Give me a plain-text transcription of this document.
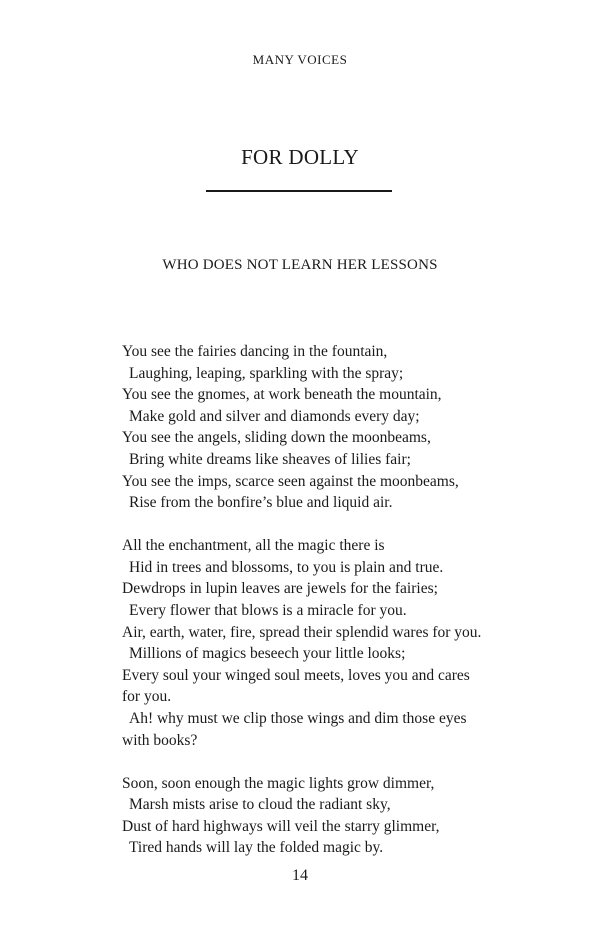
MANY VOICES
FOR DOLLY
WHO DOES NOT LEARN HER LESSONS
You see the fairies dancing in the fountain,
Laughing, leaping, sparkling with the spray;
You see the gnomes, at work beneath the mountain,
Make gold and silver and diamonds every day;
You see the angels, sliding down the moonbeams,
Bring white dreams like sheaves of lilies fair;
You see the imps, scarce seen against the moonbeams,
Rise from the bonfire’s blue and liquid air.
All the enchantment, all the magic there is
Hid in trees and blossoms, to you is plain and true.
Dewdrops in lupin leaves are jewels for the fairies;
Every flower that blows is a miracle for you.
Air, earth, water, fire, spread their splendid wares for you.
Millions of magics beseech your little looks;
Every soul your winged soul meets, loves you and cares
for you.
Ah! why must we clip those wings and dim those eyes
with books?
Soon, soon enough the magic lights grow dimmer,
Marsh mists arise to cloud the radiant sky,
Dust of hard highways will veil the starry glimmer,
Tired hands will lay the folded magic by.
14
